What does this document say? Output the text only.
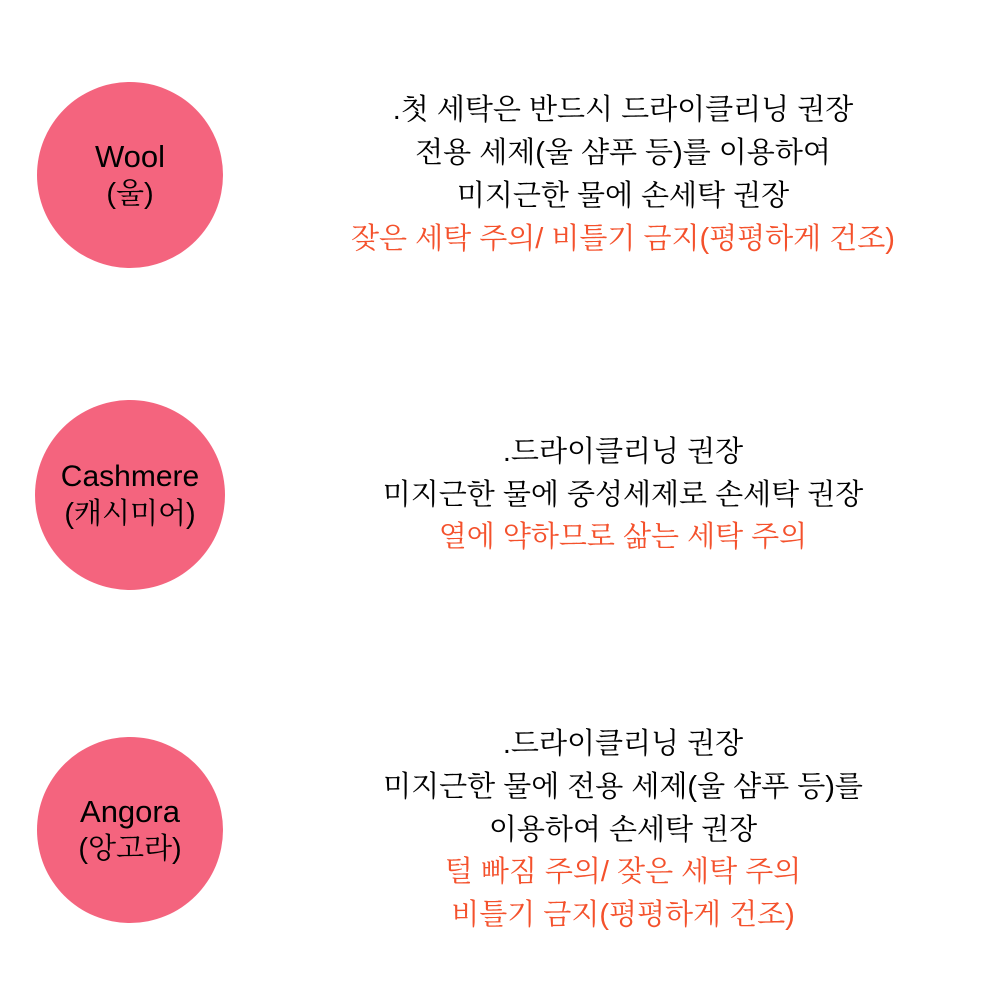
Wool
(울)
.첫 세탁은 반드시 드라이클리닝 권장
전용 세제(울 샴푸 등)를 이용하여
미지근한 물에 손세탁 권장
잦은 세탁 주의/ 비틀기 금지(평평하게 건조)
Cashmere
(캐시미어)
.드라이클리닝 권장
미지근한 물에 중성세제로 손세탁 권장
열에 약하므로 삶는 세탁 주의
Angora
(앙고라)
.드라이클리닝 권장
미지근한 물에 전용 세제(울 샴푸 등)를
이용하여 손세탁 권장
털 빠짐 주의/ 잦은 세탁 주의
비틀기 금지(평평하게 건조)
